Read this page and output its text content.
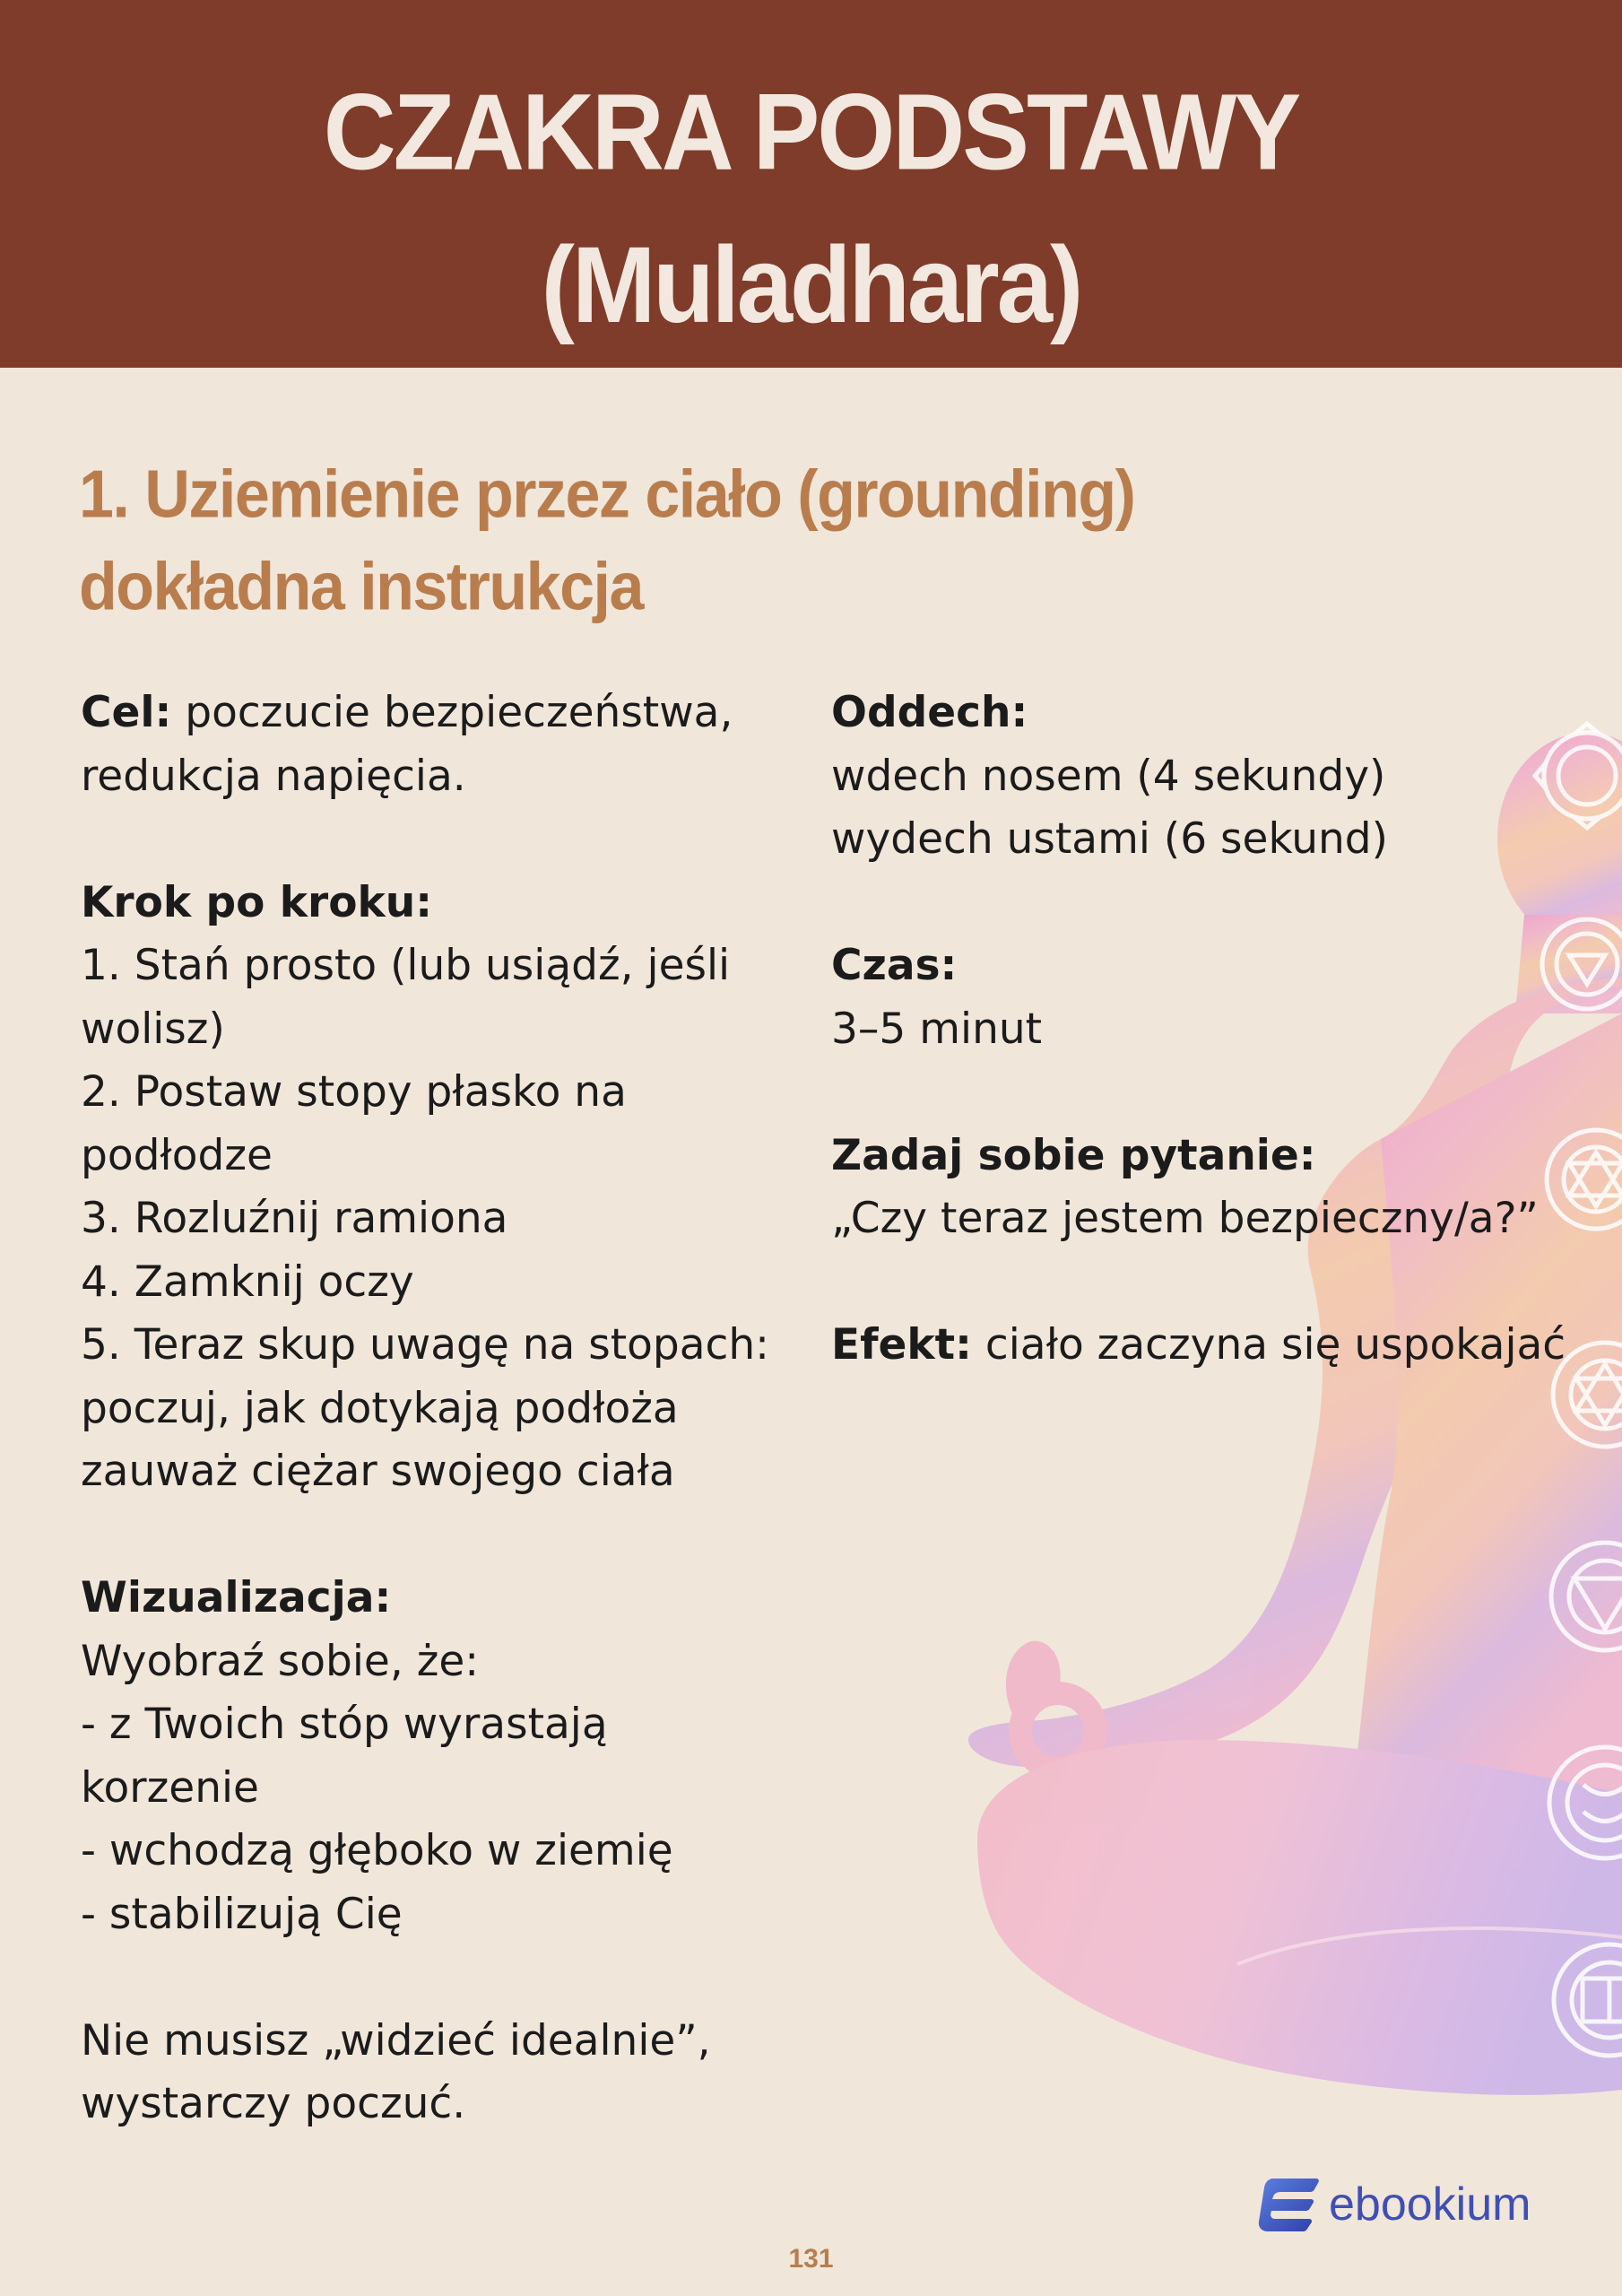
CZAKRA PODSTAWY
(Muladhara)
1. Uziemienie przez ciało (grounding)
dokładna instrukcja
Cel: poczucie bezpieczeństwa,
redukcja napięcia.
Krok po kroku:
1. Stań prosto (lub usiądź, jeśli
wolisz)
2. Postaw stopy płasko na
podłodze
3. Rozluźnij ramiona
4. Zamknij oczy
5. Teraz skup uwagę na stopach:
poczuj, jak dotykają podłoża
zauważ ciężar swojego ciała
Wizualizacja:
Wyobraź sobie, że:
- z Twoich stóp wyrastają
korzenie
- wchodzą głęboko w ziemię
- stabilizują Cię
Nie musisz „widzieć idealnie”,
wystarczy poczuć.
Oddech:
wdech nosem (4 sekundy)
wydech ustami (6 sekund)
Czas:
3–5 minut
Zadaj sobie pytanie:
„Czy teraz jestem bezpieczny/a?”
Efekt: ciało zaczyna się uspokajać
ebookium
131
